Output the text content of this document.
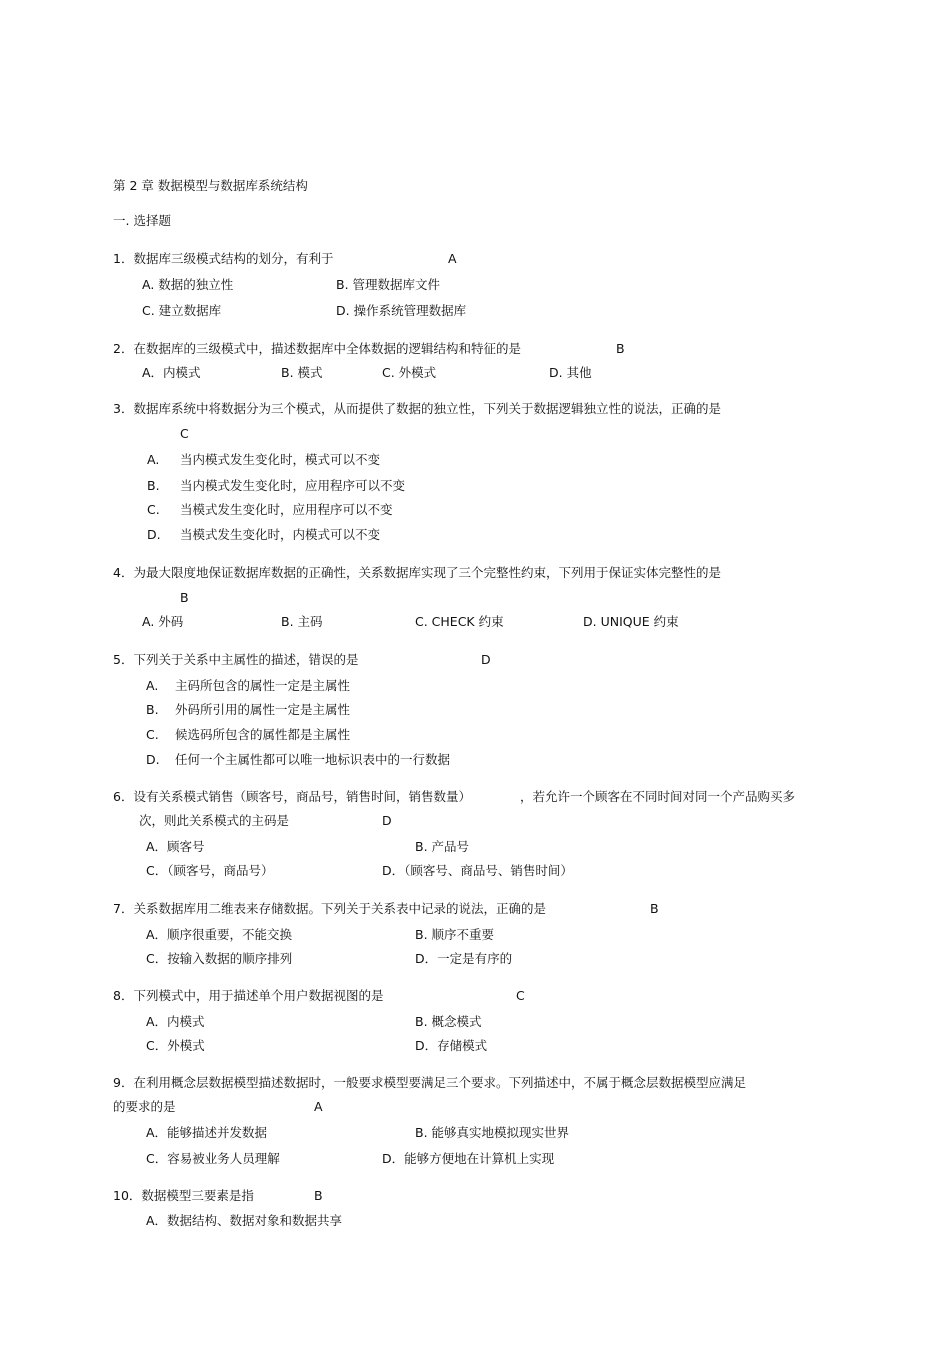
第 2 章 数据模型与数据库系统结构
一. 选择题
1．数据库三级模式结构的划分，有利于	A
A. 数据的独立性	B. 管理数据库文件
C. 建立数据库	D. 操作系统管理数据库
2．在数据库的三级模式中，描述数据库中全体数据的逻辑结构和特征的是	B
A．内模式	B. 模式	C. 外模式	D. 其他
3．数据库系统中将数据分为三个模式，从而提供了数据的独立性，下列关于数据逻辑独立性的说法，正确的是
C
A. 当内模式发生变化时，模式可以不变
B. 当内模式发生变化时，应用程序可以不变
C. 当模式发生变化时，应用程序可以不变
D. 当模式发生变化时，内模式可以不变
4．为最大限度地保证数据库数据的正确性，关系数据库实现了三个完整性约束，下列用于保证实体完整性的是
B
A. 外码	B. 主码	C. CHECK 约束	D. UNIQUE 约束
5．下列关于关系中主属性的描述，错误的是	D
A. 主码所包含的属性一定是主属性
B. 外码所引用的属性一定是主属性
C. 候选码所包含的属性都是主属性
D. 任何一个主属性都可以唯一地标识表中的一行数据
6．设有关系模式销售（顾客号，商品号，销售时间，销售数量）	，若允许一个顾客在不同时间对同一个产品购买多
次，则此关系模式的主码是	D
A．顾客号	B. 产品号
C．（顾客号，商品号）	D．（顾客号、商品号、销售时间）
7．关系数据库用二维表来存储数据。下列关于关系表中记录的说法，正确的是	B
A．顺序很重要，不能交换	B. 顺序不重要
C．按输入数据的顺序排列	D．一定是有序的
8．下列模式中，用于描述单个用户数据视图的是	C
A．内模式	B. 概念模式
C．外模式	D．存储模式
9．在利用概念层数据模型描述数据时，一般要求模型要满足三个要求。下列描述中，不属于概念层数据模型应满足
的要求的是	A
A．能够描述并发数据	B. 能够真实地模拟现实世界
C．容易被业务人员理解	D．能够方便地在计算机上实现
10．数据模型三要素是指	B
A．数据结构、数据对象和数据共享
